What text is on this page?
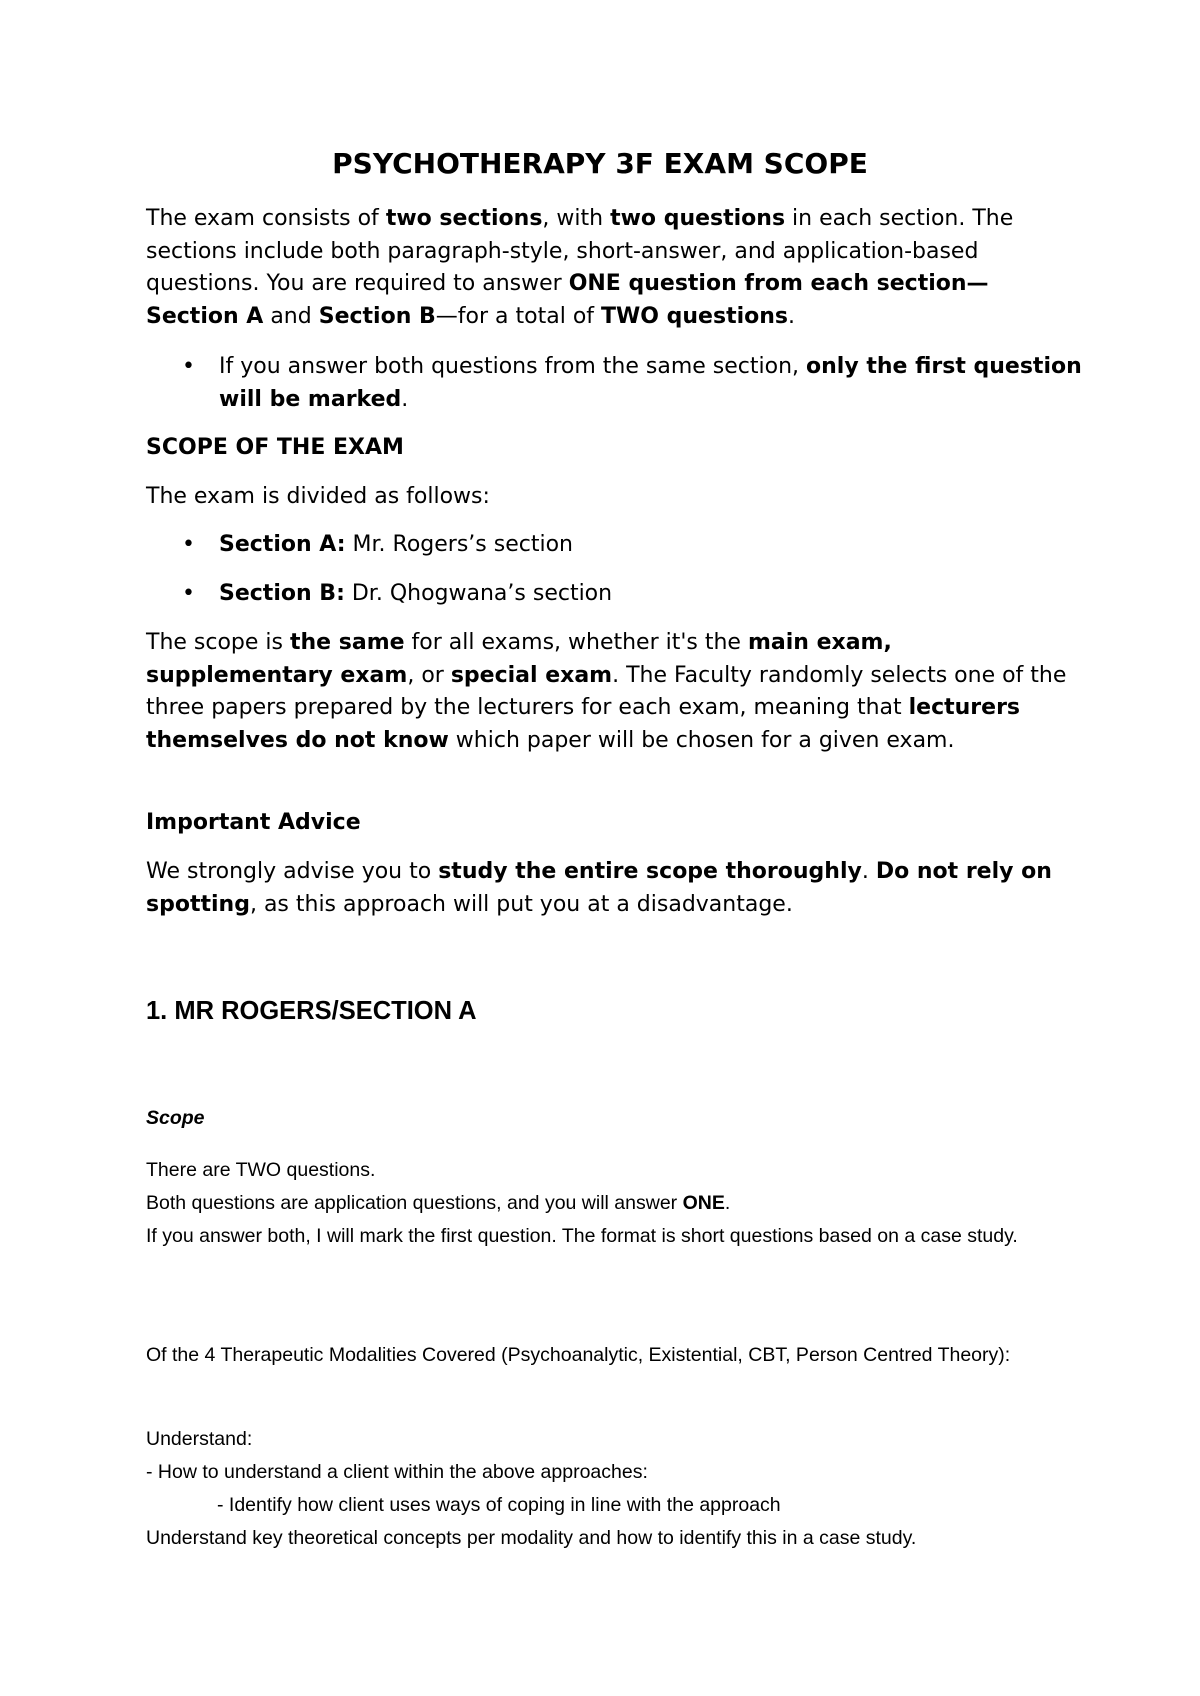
PSYCHOTHERAPY 3F EXAM SCOPE

The exam consists of two sections, with two questions in each section. The sections include both paragraph-style, short-answer, and application-based questions. You are required to answer ONE question from each section—Section A and Section B—for a total of TWO questions.

• If you answer both questions from the same section, only the first question will be marked.

SCOPE OF THE EXAM

The exam is divided as follows:

• Section A: Mr. Rogers’s section

• Section B: Dr. Qhogwana’s section

The scope is the same for all exams, whether it's the main exam, supplementary exam, or special exam. The Faculty randomly selects one of the three papers prepared by the lecturers for each exam, meaning that lecturers themselves do not know which paper will be chosen for a given exam.

Important Advice

We strongly advise you to study the entire scope thoroughly. Do not rely on spotting, as this approach will put you at a disadvantage.

1. MR ROGERS/SECTION A

Scope

There are TWO questions.
Both questions are application questions, and you will answer ONE.
If you answer both, I will mark the first question. The format is short questions based on a case study.

Of the 4 Therapeutic Modalities Covered (Psychoanalytic, Existential, CBT, Person Centred Theory):

Understand:
- How to understand a client within the above approaches:
- Identify how client uses ways of coping in line with the approach
Understand key theoretical concepts per modality and how to identify this in a case study.
